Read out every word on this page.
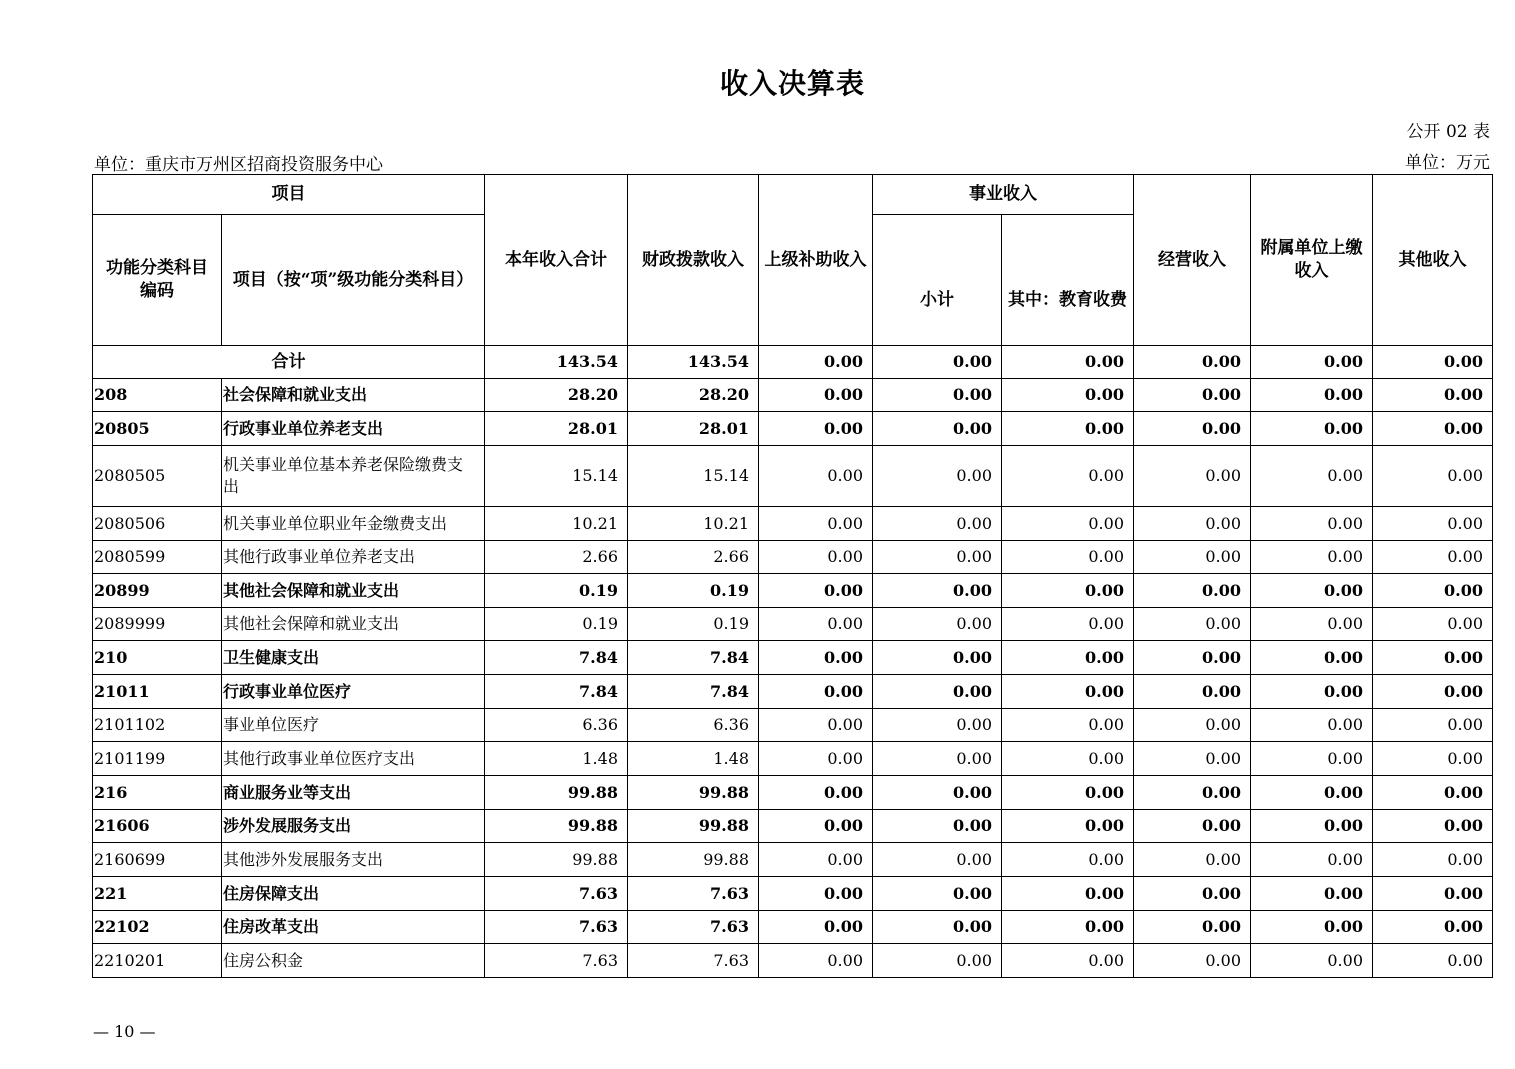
收入决算表
公开 02 表
单位：重庆市万州区招商投资服务中心	单位：万元
项目		本年收入合计	财政拨款收入	上级补助收入	事业收入		经营收入	附属单位上缴收入	其他收入
功能分类科目编码	项目（按“项”级功能分类科目）				小计	其中：教育收费			
合计		143.54	143.54	0.00	0.00	0.00	0.00	0.00	0.00
208	社会保障和就业支出	28.20	28.20	0.00	0.00	0.00	0.00	0.00	0.00
20805	行政事业单位养老支出	28.01	28.01	0.00	0.00	0.00	0.00	0.00	0.00
2080505	机关事业单位基本养老保险缴费支出	15.14	15.14	0.00	0.00	0.00	0.00	0.00	0.00
2080506	机关事业单位职业年金缴费支出	10.21	10.21	0.00	0.00	0.00	0.00	0.00	0.00
2080599	其他行政事业单位养老支出	2.66	2.66	0.00	0.00	0.00	0.00	0.00	0.00
20899	其他社会保障和就业支出	0.19	0.19	0.00	0.00	0.00	0.00	0.00	0.00
2089999	其他社会保障和就业支出	0.19	0.19	0.00	0.00	0.00	0.00	0.00	0.00
210	卫生健康支出	7.84	7.84	0.00	0.00	0.00	0.00	0.00	0.00
21011	行政事业单位医疗	7.84	7.84	0.00	0.00	0.00	0.00	0.00	0.00
2101102	事业单位医疗	6.36	6.36	0.00	0.00	0.00	0.00	0.00	0.00
2101199	其他行政事业单位医疗支出	1.48	1.48	0.00	0.00	0.00	0.00	0.00	0.00
216	商业服务业等支出	99.88	99.88	0.00	0.00	0.00	0.00	0.00	0.00
21606	涉外发展服务支出	99.88	99.88	0.00	0.00	0.00	0.00	0.00	0.00
2160699	其他涉外发展服务支出	99.88	99.88	0.00	0.00	0.00	0.00	0.00	0.00
221	住房保障支出	7.63	7.63	0.00	0.00	0.00	0.00	0.00	0.00
22102	住房改革支出	7.63	7.63	0.00	0.00	0.00	0.00	0.00	0.00
2210201	住房公积金	7.63	7.63	0.00	0.00	0.00	0.00	0.00	0.00
— 10 —
